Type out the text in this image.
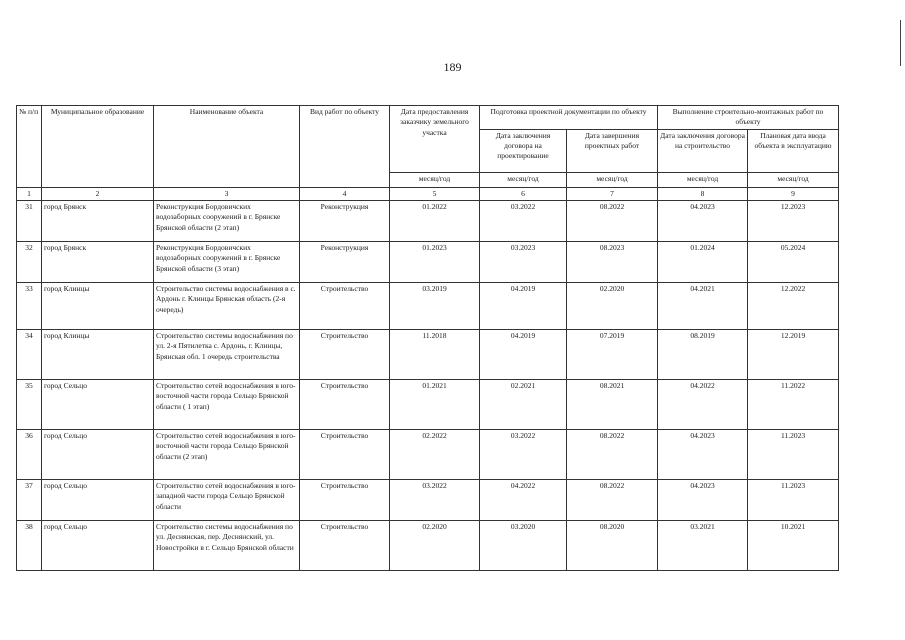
189
№ п/п	Муниципальное образование	Наименование объекта	Вид работ по объекту	Дата предоставления заказчику земельного участка	Подготовка проектной документации по объекту		Выполнение строительно-монтажных работ по объекту	
					Дата заключения договора на проектирование	Дата завершения проектных работ	Дата заключения договора на строительство	Плановая дата ввода объекта в эксплуатацию
				месяц/год	месяц/год	месяц/год	месяц/год	месяц/год
1	2	3	4	5	6	7	8	9
31	город Брянск	Реконструкция Бордовичских водозаборных сооружений в г. Брянске Брянской области (2 этап)	Реконструкция	01.2022	03.2022	08.2022	04.2023	12.2023
32	город Брянск	Реконструкция Бордовичских водозаборных сооружений в г. Брянске Брянской области (3 этап)	Реконструкция	01.2023	03.2023	08.2023	01.2024	05.2024
33	город Клинцы	Строительство системы водоснабжения в с. Ардонь г. Клинцы Брянская область (2-я очередь)	Строительство	03.2019	04.2019	02.2020	04.2021	12.2022
34	город Клинцы	Строительство системы водоснабжения по ул. 2-я Пятилетка с. Ардонь, г. Клинцы, Брянская обл. 1 очередь строительства	Строительство	11.2018	04.2019	07.2019	08.2019	12.2019
35	город Сельцо	Строительство сетей водоснабжения в юго-восточной части города Сельцо Брянской области ( 1 этап)	Строительство	01.2021	02.2021	08.2021	04.2022	11.2022
36	город Сельцо	Строительство сетей водоснабжения в юго-восточной части города Сельцо Брянской области (2 этап)	Строительство	02.2022	03.2022	08.2022	04.2023	11.2023
37	город Сельцо	Строительство сетей водоснабжения в юго-западной части города Сельцо Брянской области	Строительство	03.2022	04.2022	08.2022	04.2023	11.2023
38	город Сельцо	Строительство системы водоснабжения по ул. Деснянская, пер. Деснянский, ул. Новостройки в г. Сельцо Брянской области	Строительство	02.2020	03.2020	08.2020	03.2021	10.2021
